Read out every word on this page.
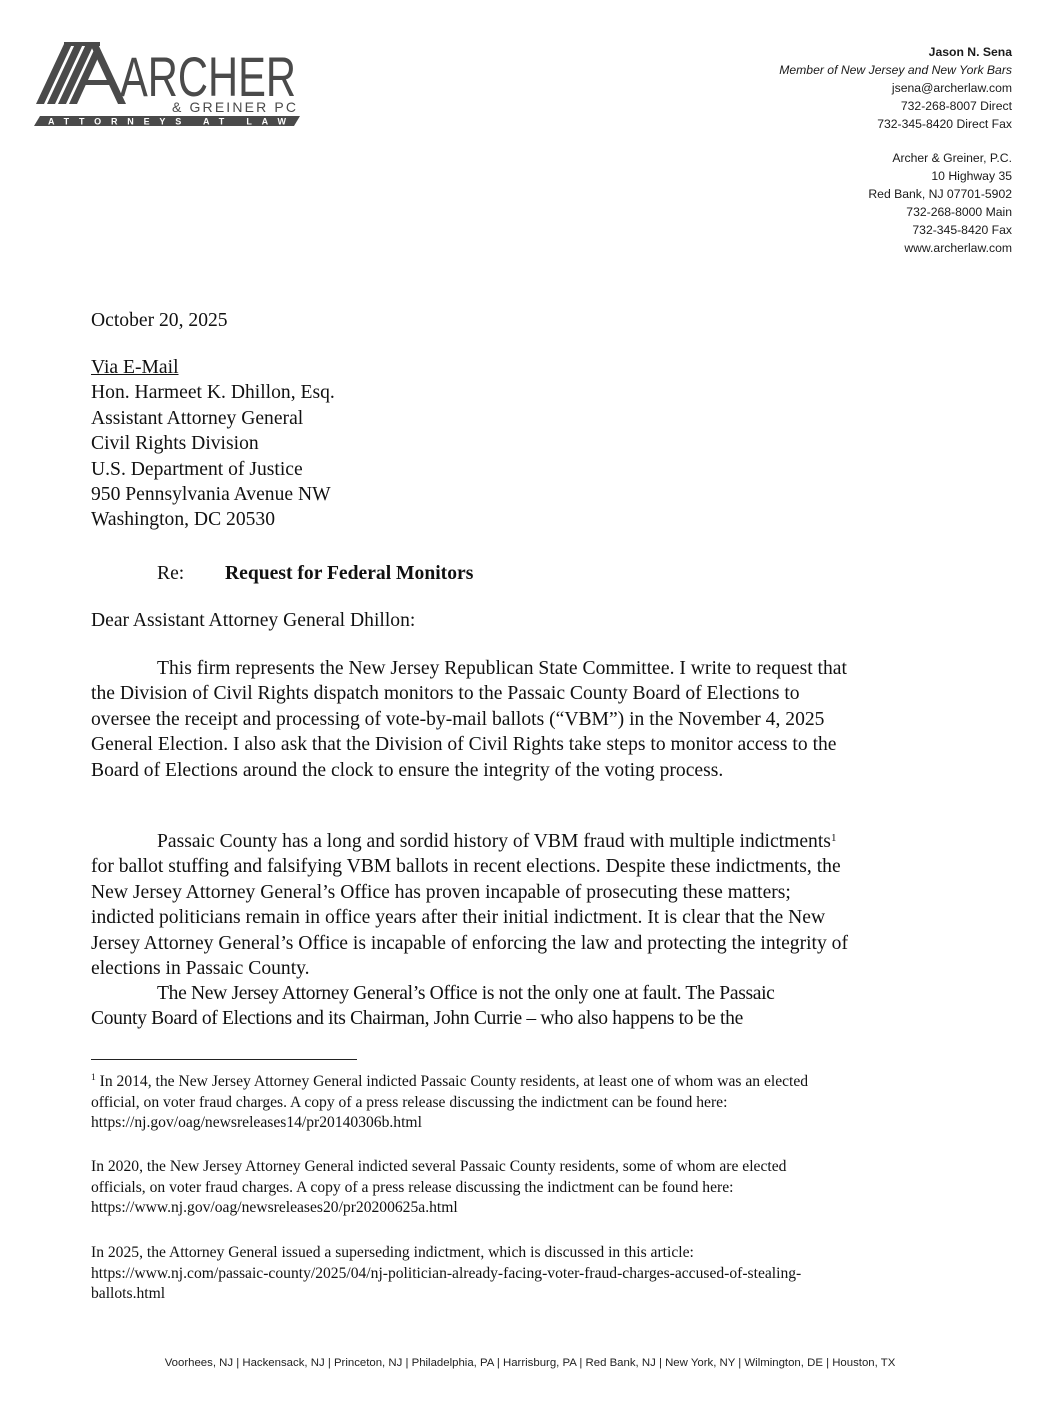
ARCHER
& GREINER PC
ATTORNEYS AT LAW
Jason N. Sena
Member of New Jersey and New York Bars
jsena@archerlaw.com
732-268-8007 Direct
732-345-8420 Direct Fax
Archer & Greiner, P.C.
10 Highway 35
Red Bank, NJ 07701-5902
732-268-8000 Main
732-345-8420 Fax
www.archerlaw.com
October 20, 2025
Via E-Mail
Hon. Harmeet K. Dhillon, Esq.
Assistant Attorney General
Civil Rights Division
U.S. Department of Justice
950 Pennsylvania Avenue NW
Washington, DC 20530
Re: Request for Federal Monitors
Dear Assistant Attorney General Dhillon:
This firm represents the New Jersey Republican State Committee. I write to request that
the Division of Civil Rights dispatch monitors to the Passaic County Board of Elections to
oversee the receipt and processing of vote-by-mail ballots (“VBM”) in the November 4, 2025
General Election. I also ask that the Division of Civil Rights take steps to monitor access to the
Board of Elections around the clock to ensure the integrity of the voting process.
Passaic County has a long and sordid history of VBM fraud with multiple indictments$^1$
for ballot stuffing and falsifying VBM ballots in recent elections. Despite these indictments, the
New Jersey Attorney General’s Office has proven incapable of prosecuting these matters;
indicted politicians remain in office years after their initial indictment. It is clear that the New
Jersey Attorney General’s Office is incapable of enforcing the law and protecting the integrity of
elections in Passaic County.
The New Jersey Attorney General’s Office is not the only one at fault. The Passaic
County Board of Elections and its Chairman, John Currie – who also happens to be the
$^1$ In 2014, the New Jersey Attorney General indicted Passaic County residents, at least one of whom was an elected
official, on voter fraud charges. A copy of a press release discussing the indictment can be found here:
https://nj.gov/oag/newsreleases14/pr20140306b.html
In 2020, the New Jersey Attorney General indicted several Passaic County residents, some of whom are elected
officials, on voter fraud charges. A copy of a press release discussing the indictment can be found here:
https://www.nj.gov/oag/newsreleases20/pr20200625a.html
In 2025, the Attorney General issued a superseding indictment, which is discussed in this article:
https://www.nj.com/passaic-county/2025/04/nj-politician-already-facing-voter-fraud-charges-accused-of-stealing-
ballots.html
Voorhees, NJ | Hackensack, NJ | Princeton, NJ | Philadelphia, PA | Harrisburg, PA | Red Bank, NJ | New York, NY | Wilmington, DE | Houston, TX
